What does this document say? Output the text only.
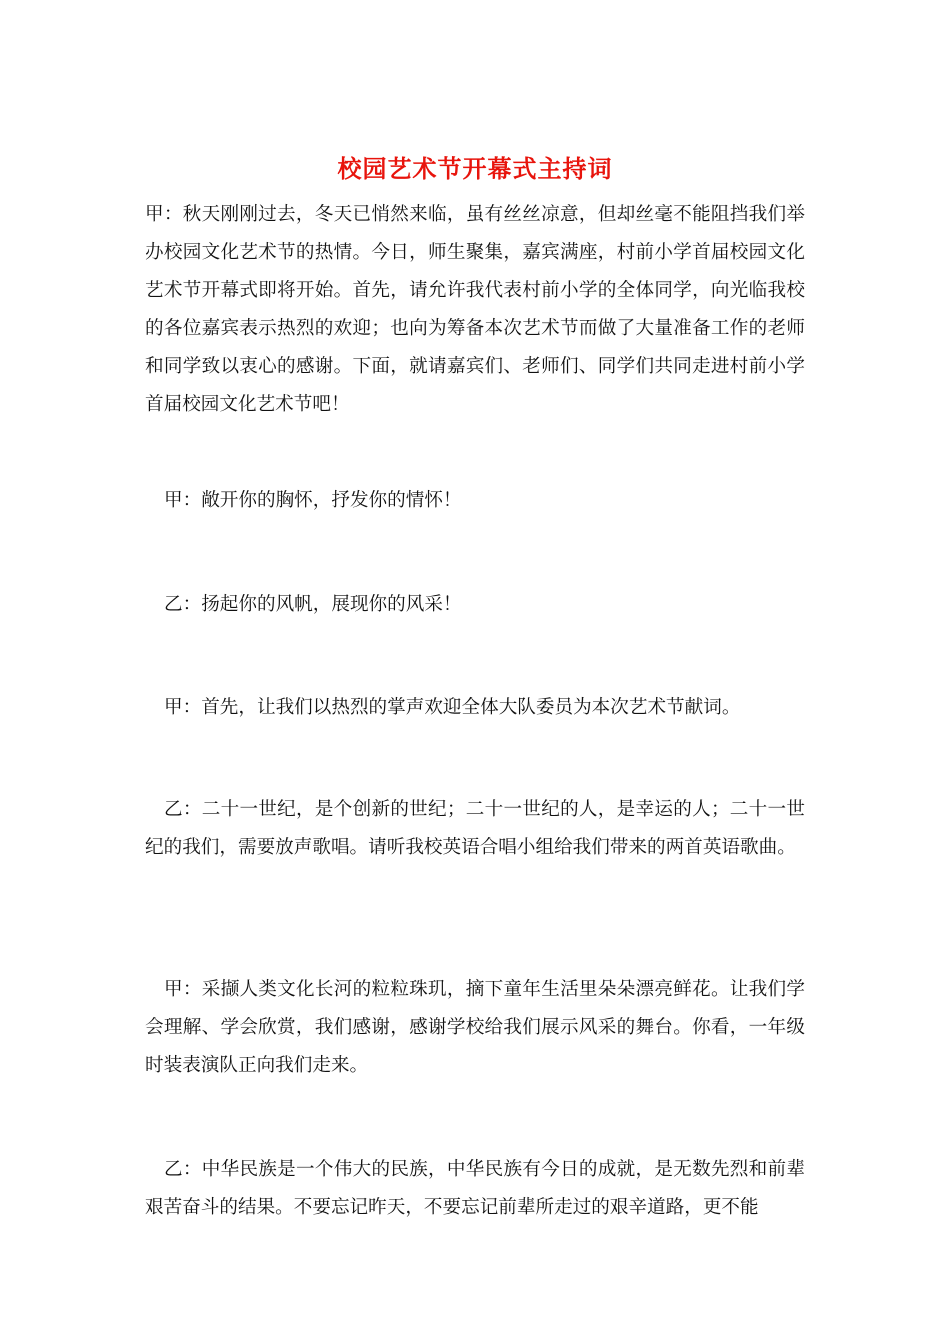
校园艺术节开幕式主持词

甲：秋天刚刚过去，冬天已悄然来临，虽有丝丝凉意，但却丝毫不能阻挡我们举办校园文化艺术节的热情。今日，师生聚集，嘉宾满座，村前小学首届校园文化艺术节开幕式即将开始。首先，请允许我代表村前小学的全体同学，向光临我校的各位嘉宾表示热烈的欢迎；也向为筹备本次艺术节而做了大量准备工作的老师和同学致以衷心的感谢。下面，就请嘉宾们、老师们、同学们共同走进村前小学首届校园文化艺术节吧！

甲：敞开你的胸怀，抒发你的情怀！

乙：扬起你的风帆，展现你的风采！

甲：首先，让我们以热烈的掌声欢迎全体大队委员为本次艺术节献词。

乙：二十一世纪，是个创新的世纪；二十一世纪的人，是幸运的人；二十一世纪的我们，需要放声歌唱。请听我校英语合唱小组给我们带来的两首英语歌曲。

甲：采撷人类文化长河的粒粒珠玑，摘下童年生活里朵朵漂亮鲜花。让我们学会理解、学会欣赏，我们感谢，感谢学校给我们展示风采的舞台。你看，一年级时装表演队正向我们走来。

乙：中华民族是一个伟大的民族，中华民族有今日的成就，是无数先烈和前辈艰苦奋斗的结果。不要忘记昨天，不要忘记前辈所走过的艰辛道路，更不能
